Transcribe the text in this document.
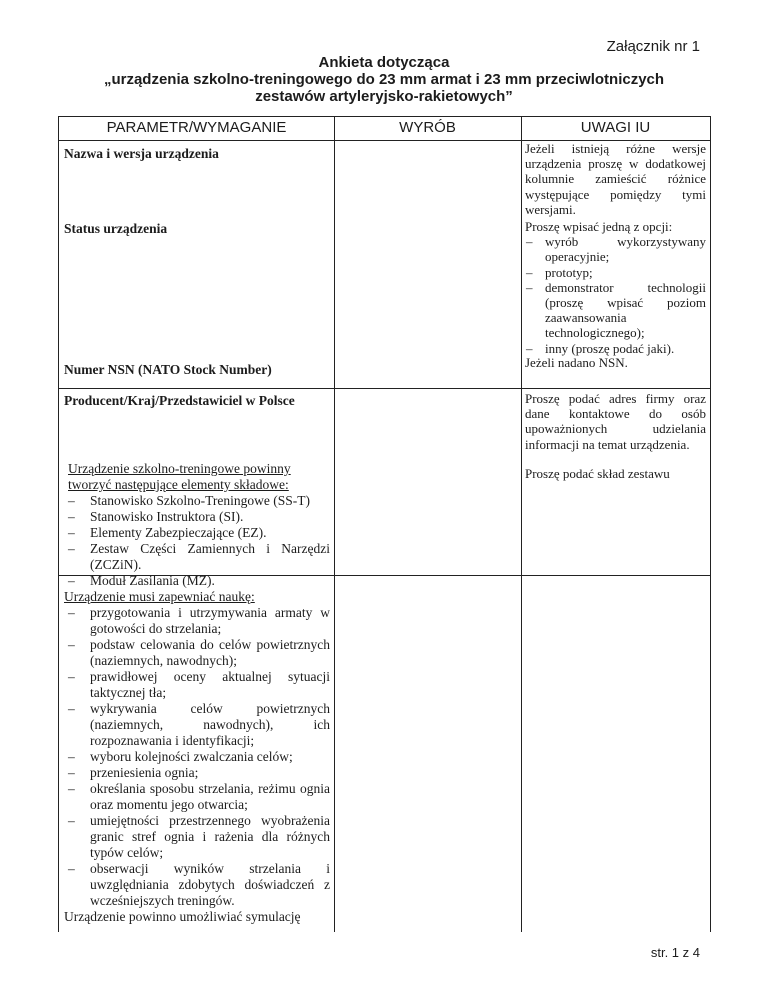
Załącznik nr 1
Ankieta dotycząca
„urządzenia szkolno-treningowego do 23 mm armat i 23 mm przeciwlotniczych
zestawów artyleryjsko-rakietowych”
PARAMETR/WYMAGANIE	WYRÓB	UWAGI IU
Nazwa i wersja urządzenia
Status urządzenia
Numer NSN (NATO Stock Number)
Producent/Kraj/Przedstawiciel w Polsce
Urządzenie szkolno-treningowe powinny tworzyć następujące elementy składowe:
– Stanowisko Szkolno-Treningowe (SS-T)
– Stanowisko Instruktora (SI).
– Elementy Zabezpieczające (EZ).
– Zestaw Części Zamiennych i Narzędzi (ZCZiN).
– Moduł Zasilania (MZ).
Urządzenie musi zapewniać naukę:
– przygotowania i utrzymywania armaty w gotowości do strzelania;
– podstaw celowania do celów powietrznych (naziemnych, nawodnych);
– prawidłowej oceny aktualnej sytuacji taktycznej tła;
– wykrywania celów powietrznych (naziemnych, nawodnych), ich rozpoznawania i identyfikacji;
– wyboru kolejności zwalczania celów;
– przeniesienia ognia;
– określania sposobu strzelania, reżimu ognia oraz momentu jego otwarcia;
– umiejętności przestrzennego wyobrażenia granic stref ognia i rażenia dla różnych typów celów;
– obserwacji wyników strzelania i uwzględniania zdobytych doświadczeń z wcześniejszych treningów.
Urządzenie powinno umożliwiać symulację
Jeżeli istnieją różne wersje urządzenia proszę w dodatkowej kolumnie zamieścić różnice występujące pomiędzy tymi wersjami.
Proszę wpisać jedną z opcji:
– wyrób wykorzystywany operacyjnie;
– prototyp;
– demonstrator technologii (proszę wpisać poziom zaawansowania technologicznego);
– inny (proszę podać jaki).
Jeżeli nadano NSN.
Proszę podać adres firmy oraz dane kontaktowe do osób upoważnionych udzielania informacji na temat urządzenia.
Proszę podać skład zestawu
str. 1 z 4
